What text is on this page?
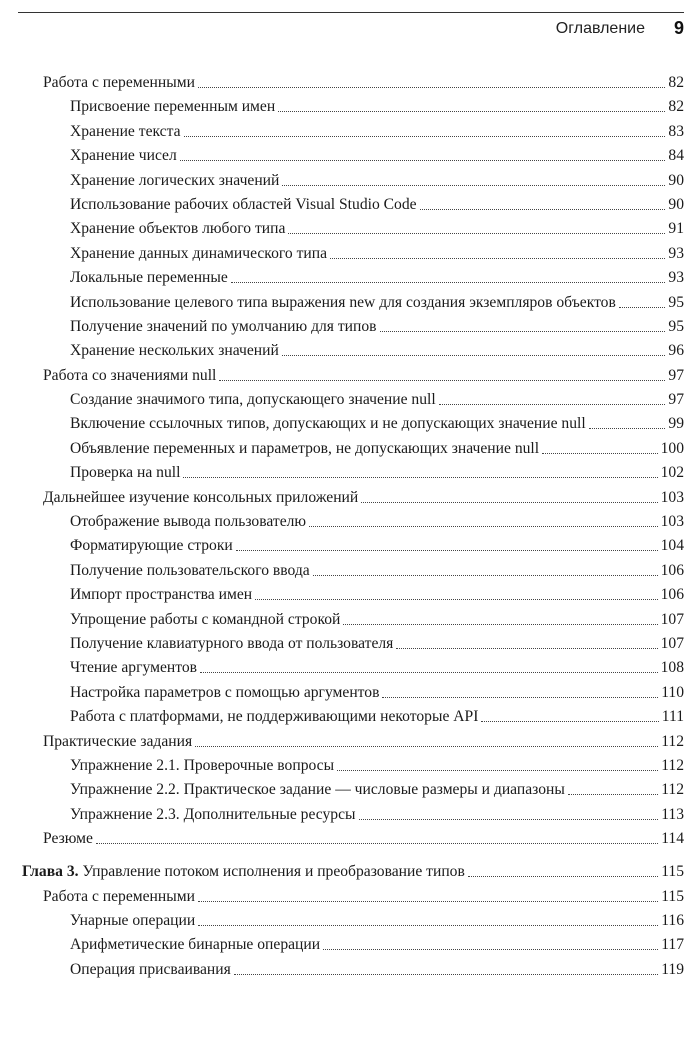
Оглавление 9
Работа с переменными	82
Присвоение переменным имен	82
Хранение текста	83
Хранение чисел	84
Хранение логических значений	90
Использование рабочих областей Visual Studio Code	90
Хранение объектов любого типа	91
Хранение данных динамического типа	93
Локальные переменные	93
Использование целевого типа выражения new для создания экземпляров объектов	95
Получение значений по умолчанию для типов	95
Хранение нескольких значений	96
Работа со значениями null	97
Создание значимого типа, допускающего значение null	97
Включение ссылочных типов, допускающих и не допускающих значение null	99
Объявление переменных и параметров, не допускающих значение null	100
Проверка на null	102
Дальнейшее изучение консольных приложений	103
Отображение вывода пользователю	103
Форматирующие строки	104
Получение пользовательского ввода	106
Импорт пространства имен	106
Упрощение работы с командной строкой	107
Получение клавиатурного ввода от пользователя	107
Чтение аргументов	108
Настройка параметров с помощью аргументов	110
Работа с платформами, не поддерживающими некоторые API	111
Практические задания	112
Упражнение 2.1. Проверочные вопросы	112
Упражнение 2.2. Практическое задание — числовые размеры и диапазоны	112
Упражнение 2.3. Дополнительные ресурсы	113
Резюме	114
Глава 3. Управление потоком исполнения и преобразование типов	115
Работа с переменными	115
Унарные операции	116
Арифметические бинарные операции	117
Операция присваивания	119
